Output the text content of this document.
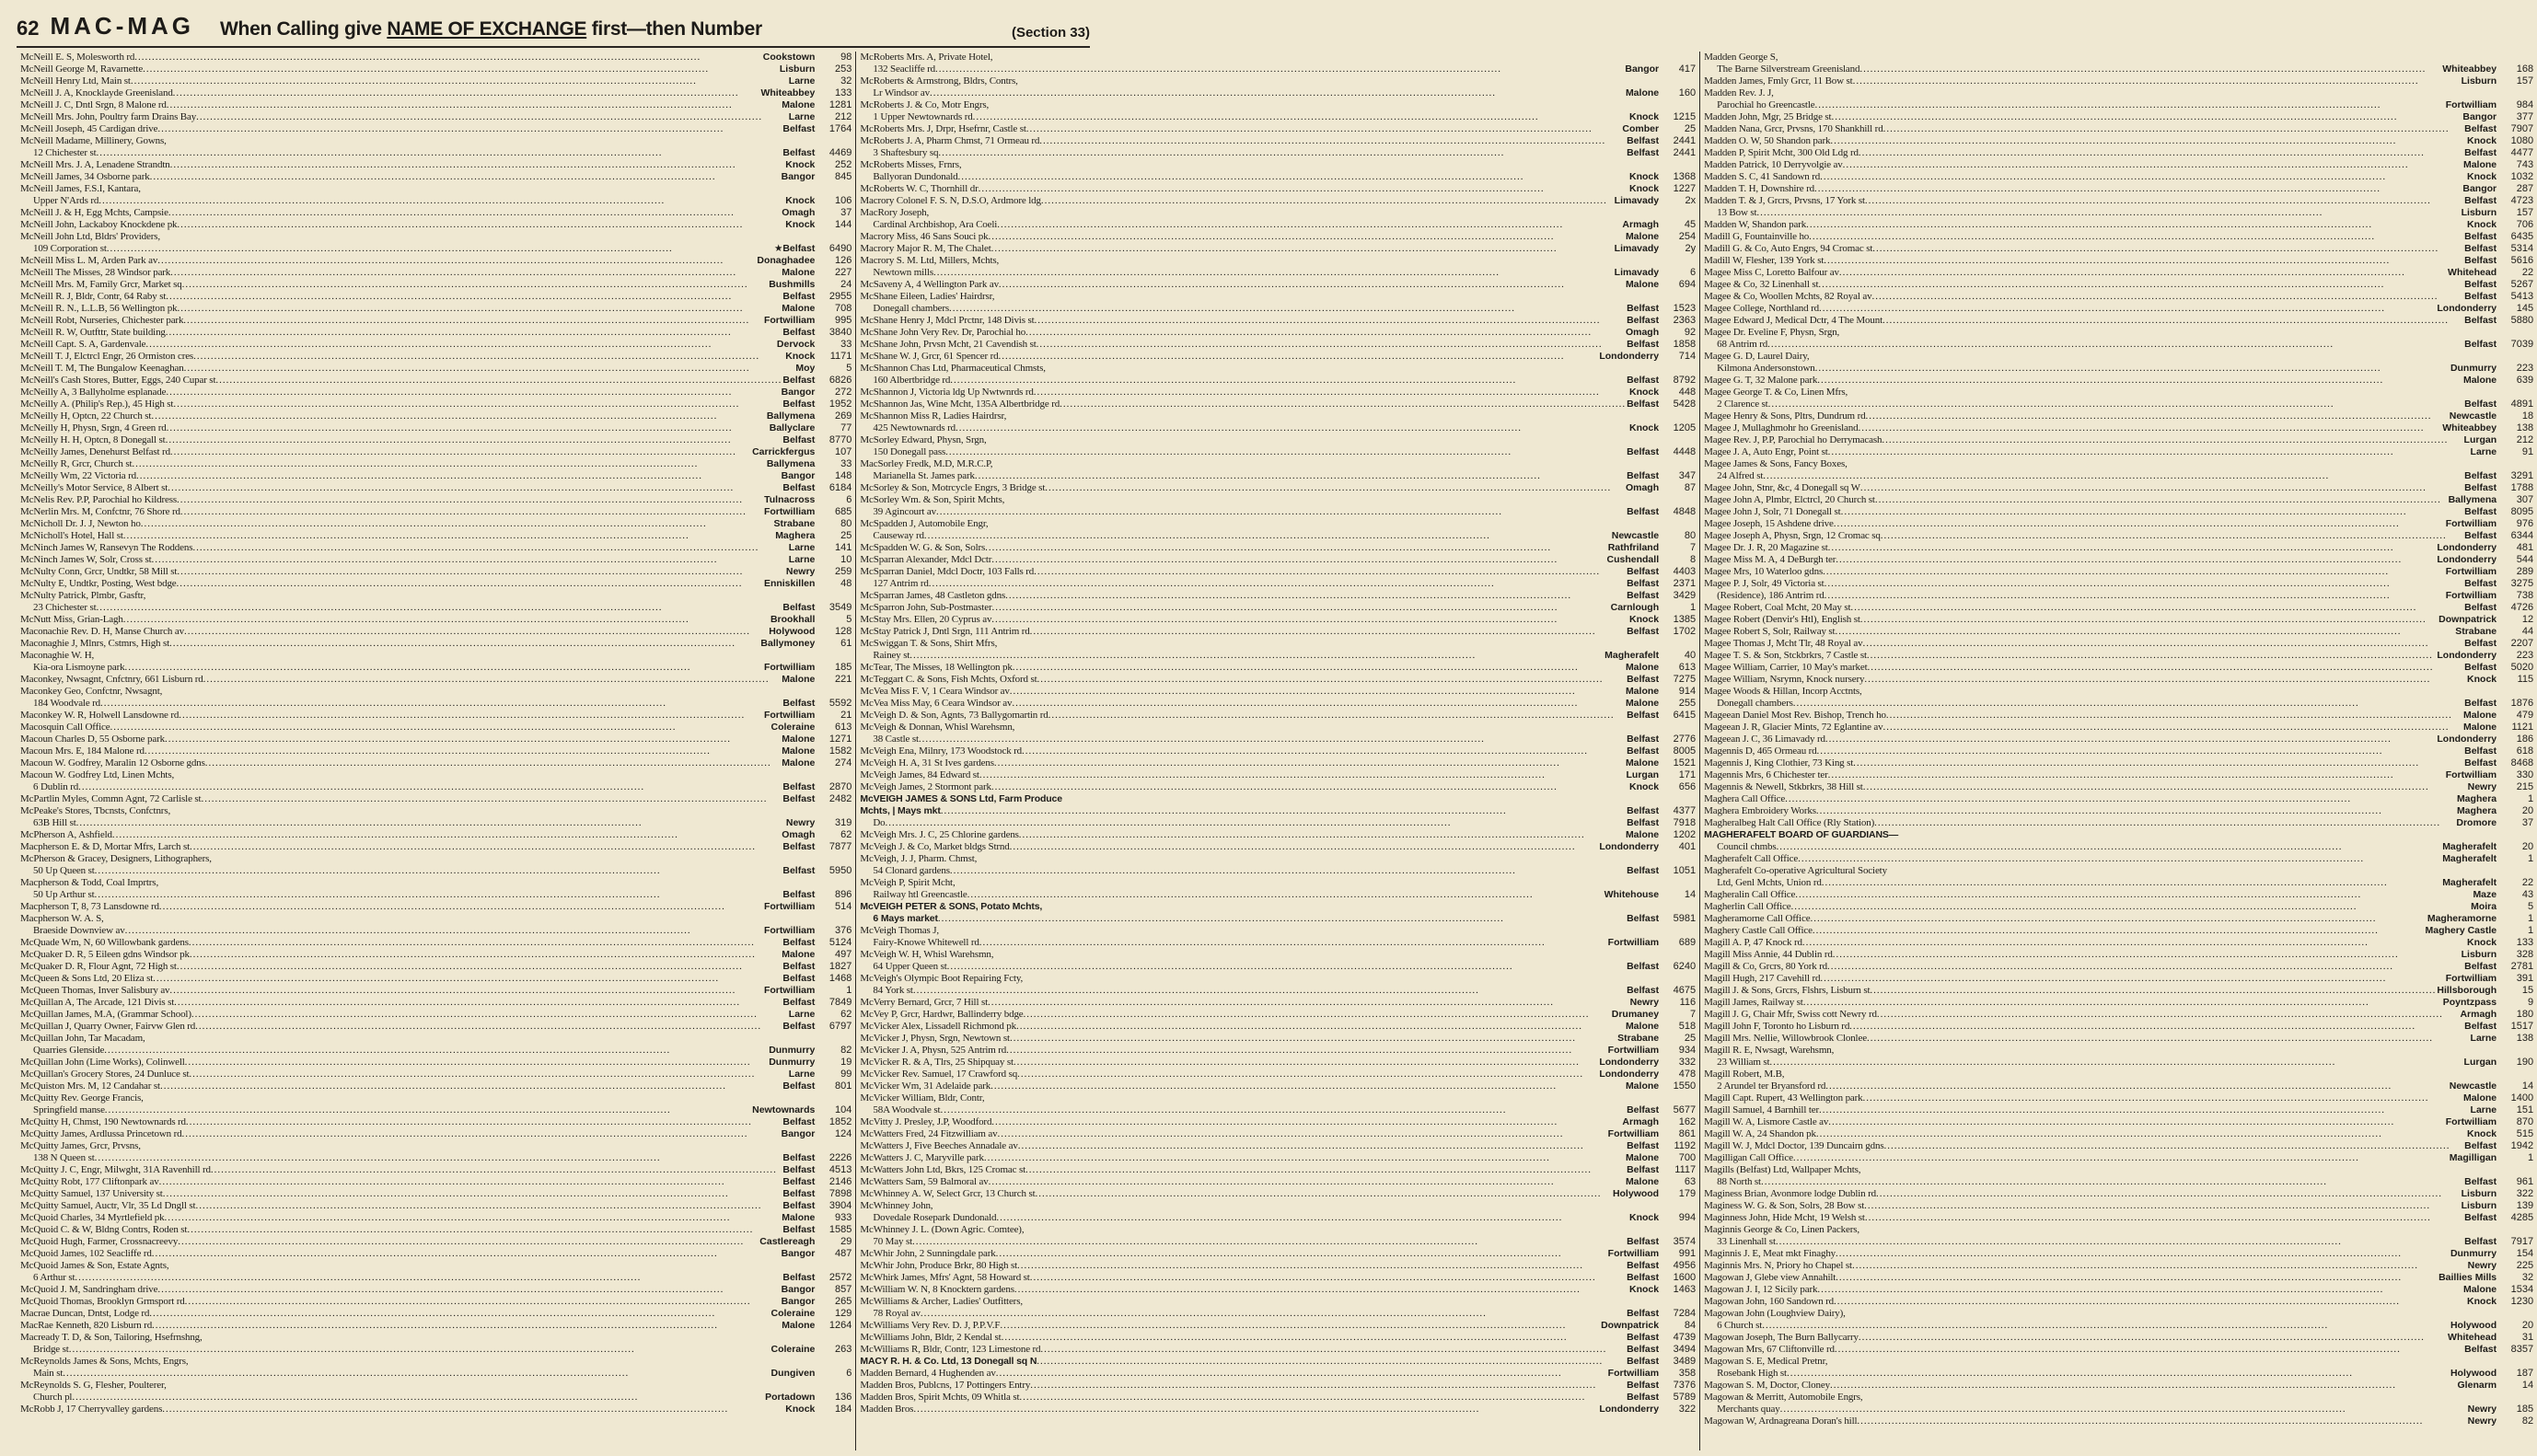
62 MAC-MAG When Calling give NAME OF EXCHANGE first—then Number	(Section 33)
McNeill E. S, Molesworth rd .....	Cookstown	98
McNeill George M, Ravarnette .....	Lisburn	253
McNeill Henry Ltd, Main st .....	Larne	32
McNeill J. A, Knocklayde Greenisland .....	Whiteabbey	133
McNeill J. C, Dntl Srgn, 8 Malone rd .....	Malone	1281
McNeill Mrs. John, Poultry farm Drains Bay .....	Larne	212
McNeill Joseph, 45 Cardigan drive .....	Belfast	1764
McNeill Madame, Millinery, Gowns,
12 Chichester st .....	Belfast	4469
McNeill Mrs. J. A, Lenadene Strandtn .....	Knock	252
McNeill James, 34 Osborne park .....	Bangor	845
McNeill James, F.S.I, Kantara,
Upper N'Ards rd .....	Knock	106
McNeill J. & H, Egg Mchts, Campsie .....	Omagh	37
McNeill John, Lackaboy Knockdene pk .....	Knock	144
McNeill John Ltd, Bldrs' Providers,
109 Corporation st .....	★Belfast	6490
McNeill Miss L. M, Arden Park av .....	Donaghadee	126
McNeill The Misses, 28 Windsor park .....	Malone	227
McNeill Mrs. M, Family Grcr, Market sq .....	Bushmills	24
McNeill R. J, Bldr, Contr, 64 Raby st .....	Belfast	2955
McNeill R. N., L.L.B, 56 Wellington pk .....	Malone	708
McNeill Robt, Nurseries, Chichester park .....	Fortwilliam	995
McNeill R. W, Outfttr, State building .....	Belfast	3840
McNeill Capt. S. A, Gardenvale .....	Dervock	33
McNeill T. J, Elctrcl Engr, 26 Ormiston cres .....	Knock	1171
McNeill T. M, The Bungalow Keenaghan .....	Moy	5
McNeill's Cash Stores, Butter, Eggs, 240 Cupar st .....	Belfast	6826
McNeilly A, 3 Ballyholme esplanade .....	Bangor	272
McNeilly A. (Philip's Rep.), 45 High st .....	Belfast	1952
McNeilly H, Optcn, 22 Church st .....	Ballymena	269
McNeilly H, Physn, Srgn, 4 Green rd .....	Ballyclare	77
McNeilly H. H, Optcn, 8 Donegall st .....	Belfast	8770
McNeilly James, Denehurst Belfast rd .....	Carrickfergus	107
McNeilly R, Grcr, Church st .....	Ballymena	33
McNeilly Wm, 22 Victoria rd .....	Bangor	148
McNeilly's Motor Service, 8 Albert st .....	Belfast	6184
McNelis Rev. P.P, Parochial ho Kildress .....	Tulnacross	6
McNerlin Mrs. M, Confctnr, 76 Shore rd .....	Fortwilliam	685
McNicholl Dr. J. J, Newton ho .....	Strabane	80
McNicholl's Hotel, Hall st .....	Maghera	25
McNinch James W, Ransevyn The Roddens .....	Larne	141
McNinch James W, Solr, Cross st .....	Larne	10
McNulty Conn, Grcr, Undtkr, 58 Mill st .....	Newry	259
McNulty E, Undtkr, Posting, West bdge .....	Enniskillen	48
McNulty Patrick, Plmbr, Gasftr,
23 Chichester st .....	Belfast	3549
McNutt Miss, Grian-Lagh .....	Brookhall	5
Maconachie Rev. D. H, Manse Church av .....	Holywood	128
Maconaghie J, Mlnrs, Cstmrs, High st .....	Ballymoney	61
Maconaghie W. H,
Kia-ora Lismoyne park .....	Fortwilliam	185
Maconkey, Nwsagnt, Cnfctnry, 661 Lisburn rd .....	Malone	221
Maconkey Geo, Confctnr, Nwsagnt,
184 Woodvale rd .....	Belfast	5592
Maconkey W. R, Holwell Lansdowne rd .....	Fortwilliam	21
Macosquin Call Office .....	Coleraine	613
Macoun Charles D, 55 Osborne park .....	Malone	1271
Macoun Mrs. E, 184 Malone rd .....	Malone	1582
Macoun W. Godfrey, Maralin 12 Osborne gdns .....	Malone	274
Macoun W. Godfrey Ltd, Linen Mchts,
6 Dublin rd .....	Belfast	2870
McPartlin Myles, Commn Agnt, 72 Carlisle st .....	Belfast	2482
McPeake's Stores, Tbcnsts, Confctnrs,
63B Hill st .....	Newry	319
McPherson A, Ashfield .....	Omagh	62
Macpherson E. & D, Mortar Mfrs, Larch st .....	Belfast	7877
McPherson & Gracey, Designers, Lithographers,
50 Up Queen st .....	Belfast	5950
Macpherson & Todd, Coal Imprtrs,
50 Up Arthur st .....	Belfast	896
Macpherson T, 8, 73 Lansdowne rd .....	Fortwilliam	514
Macpherson W. A. S,
Braeside Downview av .....	Fortwilliam	376
McQuade Wm, N, 60 Willowbank gardens .....	Belfast	5124
McQuaker D. R, 5 Eileen gdns Windsor pk .....	Malone	497
McQuaker D. R, Flour Agnt, 72 High st .....	Belfast	1827
McQueen & Sons Ltd, 20 Eliza st .....	Belfast	1468
McQueen Thomas, Inver Salisbury av .....	Fortwilliam	1
McQuillan A, The Arcade, 121 Divis st .....	Belfast	7849
McQuillan James, M.A, (Grammar School) .....	Larne	62
McQuillan J, Quarry Owner, Fairvw Glen rd .....	Belfast	6797
McQuillan John, Tar Macadam,
Quarries Glenside .....	Dunmurry	82
McQuillan John (Lime Works), Colinwell .....	Dunmurry	19
McQuillan's Grocery Stores, 24 Dunluce st .....	Larne	99
McQuiston Mrs. M, 12 Candahar st .....	Belfast	801
McQuitty Rev. George Francis,
Springfield manse .....	Newtownards	104
McQuitty H, Chmst, 190 Newtownards rd .....	Belfast	1852
McQuitty James, Ardlussa Princetown rd .....	Bangor	124
McQuitty James, Grcr, Prvsns,
138 N Queen st .....	Belfast	2226
McQuitty J. C, Engr, Milwght, 31A Ravenhill rd .....	Belfast	4513
McQuitty Robt, 177 Cliftonpark av .....	Belfast	2146
McQuitty Samuel, 137 University st .....	Belfast	7898
McQuitty Samuel, Auctr, Vlr, 35 Ld Dngll st .....	Belfast	3904
McQuoid Charles, 34 Myrtlefield pk .....	Malone	933
McQuoid C. & W, Bldng Contrs, Roden st .....	Belfast	1585
McQuoid Hugh, Farmer, Crossnacreevy .....	Castlereagh	29
McQuoid James, 102 Seacliffe rd .....	Bangor	487
McQuoid James & Son, Estate Agnts,
6 Arthur st .....	Belfast	2572
McQuoid J. M, Sandringham drive .....	Bangor	857
McQuoid Thomas, Brooklyn Grmsport rd .....	Bangor	265
Macrae Duncan, Dntst, Lodge rd .....	Coleraine	129
MacRae Kenneth, 820 Lisburn rd .....	Malone	1264
Macready T. D, & Son, Tailoring, Hsefrnshng,
Bridge st .....	Coleraine	263
McReynolds James & Sons, Mchts, Engrs,
Main st .....	Dungiven	6
McReynolds S. G, Flesher, Poulterer,
Church pl .....	Portadown	136
McRobb J, 17 Cherryvalley gardens .....	Knock	184
McRoberts Mrs. A, Private Hotel,
132 Seacliffe rd .....	Bangor	417
McRoberts & Armstrong, Bldrs, Contrs,
Lr Windsor av .....	Malone	160
McRoberts J. & Co, Motr Engrs,
1 Upper Newtownards rd .....	Knock	1215
McRoberts Mrs. J, Drpr, Hsefrnr, Castle st .....	Comber	25
McRoberts J. A, Pharm Chmst, 71 Ormeau rd .....	Belfast	2441
3 Shaftesbury sq .....	Belfast	2441
McRoberts Misses, Frnrs,
Ballyoran Dundonald .....	Knock	1368
McRoberts W. C, Thornhill dr .....	Knock	1227
Macrory Colonel F. S. N, D.S.O, Ardmore ldg .....	Limavady	2x
MacRory Joseph,
Cardinal Archbishop, Ara Coeli .....	Armagh	45
Macrory Miss, 46 Sans Souci pk .....	Malone	254
Macrory Major R. M, The Chalet .....	Limavady	2y
Macrory S. M. Ltd, Millers, Mchts,
Newtown mills .....	Limavady	6
McSaveny A, 4 Wellington Park av .....	Malone	694
McShane Eileen, Ladies' Hairdrsr,
Donegall chambers .....	Belfast	1523
McShane Henry J, Mdcl Prctnr, 148 Divis st .....	Belfast	2363
McShane John Very Rev. Dr, Parochial ho .....	Omagh	92
McShane John, Prvsn Mcht, 21 Cavendish st .....	Belfast	1858
McShane W. J, Grcr, 61 Spencer rd .....	Londonderry	714
McShannon Chas Ltd, Pharmaceutical Chmsts,
160 Albertbridge rd .....	Belfast	8792
McShannon J, Victoria ldg Up Nwtwnrds rd .....	Knock	448
McShannon Jas, Wine Mcht, 135A Albertbridge rd .....	Belfast	5428
McShannon Miss R, Ladies Hairdrsr,
425 Newtownards rd .....	Knock	1205
McSorley Edward, Physn, Srgn,
150 Donegall pass .....	Belfast	4448
MacSorley Fredk, M.D, M.R.C.P,
Marianella St. James park .....	Belfast	347
McSorley & Son, Motrcycle Engrs, 3 Bridge st .....	Omagh	87
McSorley Wm. & Son, Spirit Mchts,
39 Agincourt av .....	Belfast	4848
McSpadden J, Automobile Engr,
Causeway rd .....	Newcastle	80
McSpadden W. G. & Son, Solrs .....	Rathfriland	7
McSparran Alexander, Mdcl Dctr .....	Cushendall	8
McSparran Daniel, Mdcl Doctr, 103 Falls rd .....	Belfast	4403
127 Antrim rd .....	Belfast	2371
McSparran James, 48 Castleton gdns .....	Belfast	3429
McSparron John, Sub-Postmaster .....	Carnlough	1
McStay Mrs. Ellen, 20 Cyprus av .....	Knock	1385
McStay Patrick J, Dntl Srgn, 111 Antrim rd .....	Belfast	1702
McSwiggan T. & Sons, Shirt Mfrs,
Rainey st .....	Magherafelt	40
McTear, The Misses, 18 Wellington pk .....	Malone	613
McTeggart C. & Sons, Fish Mchts, Oxford st .....	Belfast	7275
McVea Miss F. V, 1 Ceara Windsor av .....	Malone	914
McVea Miss May, 6 Ceara Windsor av .....	Malone	255
McVeigh D. & Son, Agnts, 73 Ballygomartin rd .....	Belfast	6415
McVeigh & Donnan, Whisl Warehsmn,
38 Castle st .....	Belfast	2776
McVeigh Ena, Milnry, 173 Woodstock rd .....	Belfast	8005
McVeigh H. A, 31 St Ives gardens .....	Malone	1521
McVeigh James, 84 Edward st .....	Lurgan	171
McVeigh James, 2 Stormont park .....	Knock	656
McVEIGH JAMES & SONS Ltd, Farm Produce
Mchts, | Mays mkt .....	Belfast	4377
Do .....	Belfast	7918
McVeigh Mrs. J. C, 25 Chlorine gardens .....	Malone	1202
McVeigh J. & Co, Market bldgs Strnd .....	Londonderry	401
McVeigh, J. J, Pharm. Chmst,
54 Clonard gardens .....	Belfast	1051
McVeigh P, Spirit Mcht,
Railway htl Greencastle .....	Whitehouse	14
McVEIGH PETER & SONS, Potato Mchts,
6 Mays market .....	Belfast	5981
McVeigh Thomas J,
Fairy-Knowe Whitewell rd .....	Fortwilliam	689
McVeigh W. H, Whisl Warehsmn,
64 Upper Queen st .....	Belfast	6240
McVeigh's Olympic Boot Repairing Fcty,
84 York st .....	Belfast	4675
McVerry Bernard, Grcr, 7 Hill st .....	Newry	116
McVey P, Grcr, Hardwr, Ballinderry bdge .....	Drumaney	7
McVicker Alex, Lissadell Richmond pk .....	Malone	518
McVicker J, Physn, Srgn, Newtown st .....	Strabane	25
McVicker J. A, Physn, 525 Antrim rd .....	Fortwilliam	934
McVicker R. & A, Tlrs, 25 Shipquay st .....	Londonderry	332
McVicker Rev. Samuel, 17 Crawford sq .....	Londonderry	478
McVicker Wm, 31 Adelaide park .....	Malone	1550
McVicker William, Bldr, Contr,
58A Woodvale st .....	Belfast	5677
McVitty J. Presley, J.P, Woodford .....	Armagh	162
McWatters Fred, 24 Fitzwilliam av .....	Fortwilliam	861
McWatters J, Five Beeches Annadale av .....	Belfast	1192
McWatters J. C, Maryville park .....	Malone	700
McWatters John Ltd, Bkrs, 125 Cromac st .....	Belfast	1117
McWatters Sam, 59 Balmoral av .....	Malone	63
McWhinney A. W, Select Grcr, 13 Church st .....	Holywood	179
McWhinney John,
Dovedale Rosepark Dundonald .....	Knock	994
McWhinney J. L. (Down Agric. Comtee),
70 May st .....	Belfast	3574
McWhir John, 2 Sunningdale park .....	Fortwilliam	991
McWhir John, Produce Brkr, 80 High st .....	Belfast	4956
McWhirk James, Mfrs' Agnt, 58 Howard st .....	Belfast	1600
McWilliam W. N, 8 Knocktern gardens .....	Knock	1463
McWilliams & Archer, Ladies' Outfitters,
78 Royal av .....	Belfast	7284
McWilliams Very Rev. D. J, P.P.V.F .....	Downpatrick	84
McWilliams John, Bldr, 2 Kendal st .....	Belfast	4739
McWilliams R, Bldr, Contr, 123 Limestone rd .....	Belfast	3494
MACY R. H. & Co. Ltd, 13 Donegall sq N .....	Belfast	3489
Madden Bernard, 4 Hughenden av .....	Fortwilliam	358
Madden Bros, Publcns, 17 Pottingers Entry .....	Belfast	7376
Madden Bros, Spirit Mchts, 09 Whitla st .....	Belfast	5789
Madden Bros .....	Londonderry	322
Madden George S,
The Barne Silverstream Greenisland .....	Whiteabbey	168
Madden James, Fmly Grcr, 11 Bow st .....	Lisburn	157
Madden Rev. J. J,
Parochial ho Greencastle .....	Fortwilliam	984
Madden John, Mgr, 25 Bridge st .....	Bangor	377
Madden Nana, Grcr, Prvsns, 170 Shankhill rd .....	Belfast	7907
Madden O. W, 50 Shandon park .....	Knock	1080
Madden P, Spirit Mcht, 300 Old Ldg rd .....	Belfast	4477
Madden Patrick, 10 Derryvolgie av .....	Malone	743
Madden S. C, 41 Sandown rd .....	Knock	1032
Madden T. H, Downshire rd .....	Bangor	287
Madden T. & J, Grcrs, Prvsns, 17 York st .....	Belfast	4723
13 Bow st .....	Lisburn	157
Madden W, Shandon park .....	Knock	706
Madill G, Fountainville ho .....	Belfast	6435
Madill G. & Co, Auto Engrs, 94 Cromac st .....	Belfast	5314
Madill W, Flesher, 139 York st .....	Belfast	5616
Magee Miss C, Loretto Balfour av .....	Whitehead	22
Magee & Co, 32 Linenhall st .....	Belfast	5267
Magee & Co, Woollen Mchts, 82 Royal av .....	Belfast	5413
Magee College, Northland rd .....	Londonderry	145
Magee Edward J, Medical Dctr, 4 The Mount .....	Belfast	5880
Magee Dr. Eveline F, Physn, Srgn,
68 Antrim rd .....	Belfast	7039
Magee G. D, Laurel Dairy,
Kilmona Andersonstown .....	Dunmurry	223
Magee G. T, 32 Malone park .....	Malone	639
Magee George T. & Co, Linen Mfrs,
2 Clarence st .....	Belfast	4891
Magee Henry & Sons, Pltrs, Dundrum rd .....	Newcastle	18
Magee J, Mullaghmohr ho Greenisland .....	Whiteabbey	138
Magee Rev. J, P.P, Parochial ho Derrymacash .....	Lurgan	212
Magee J. A, Auto Engr, Point st .....	Larne	91
Magee James & Sons, Fancy Boxes,
24 Alfred st .....	Belfast	3291
Magee John, Stnr, &c, 4 Donegall sq W .....	Belfast	1788
Magee John A, Plmbr, Elctrcl, 20 Church st .....	Ballymena	307
Magee John J, Solr, 71 Donegall st .....	Belfast	8095
Magee Joseph, 15 Ashdene drive .....	Fortwilliam	976
Magee Joseph A, Physn, Srgn, 12 Cromac sq .....	Belfast	6344
Magee Dr. J. R, 20 Magazine st .....	Londonderry	481
Magee Miss M. A, 4 DeBurgh ter .....	Londonderry	544
Magee Mrs, 10 Waterloo gdns .....	Fortwilliam	289
Magee P. J, Solr, 49 Victoria st .....	Belfast	3275
(Residence), 186 Antrim rd .....	Fortwilliam	738
Magee Robert, Coal Mcht, 20 May st .....	Belfast	4726
Magee Robert (Denvir's Htl), English st .....	Downpatrick	12
Magee Robert S, Solr, Railway st .....	Strabane	44
Magee Thomas J, Mcht Tlr, 48 Royal av .....	Belfast	2207
Magee T. S. & Son, Stckbrkrs, 7 Castle st .....	Londonderry	223
Magee William, Carrier, 10 May's market .....	Belfast	5020
Magee William, Nsrymn, Knock nursery .....	Knock	115
Magee Woods & Hillan, Incorp Acctnts,
Donegall chambers .....	Belfast	1876
Mageean Daniel Most Rev. Bishop, Trench ho .....	Malone	479
Mageean J. R, Glacier Mints, 72 Eglantine av .....	Malone	1121
Mageean J. C, 36 Limavady rd .....	Londonderry	186
Magennis D, 465 Ormeau rd .....	Belfast	618
Magennis J, King Clothier, 73 King st .....	Belfast	8468
Magennis Mrs, 6 Chichester ter .....	Fortwilliam	330
Magennis & Newell, Stkbrkrs, 38 Hill st .....	Newry	215
Maghera Call Office .....	Maghera	1
Maghera Embroidery Works .....	Maghera	20
Magheralbeg Halt Call Office (Rly Station) .....	Dromore	37
MAGHERAFELT BOARD OF GUARDIANS—
Council chmbs .....	Magherafelt	20
Magherafelt Call Office .....	Magherafelt	1
Magherafelt Co-operative Agricultural Society
Ltd, Genl Mchts, Union rd .....	Magherafelt	22
Magheralin Call Office .....	Maze	43
Magherlin Call Office .....	Moira	5
Magheramorne Call Office .....	Magheramorne	1
Maghery Castle Call Office .....	Maghery Castle	1
Magill A. P, 47 Knock rd .....	Knock	133
Magill Miss Annie, 44 Dublin rd .....	Lisburn	328
Magill & Co, Grcrs, 80 York rd .....	Belfast	2781
Magill Hugh, 217 Cavehill rd .....	Fortwilliam	391
Magill J. & Sons, Grcrs, Flshrs, Lisburn st .....	Hillsborough	15
Magill James, Railway st .....	Poyntzpass	9
Magill J. G, Chair Mfr, Swiss cott Newry rd .....	Armagh	180
Magill John F, Toronto ho Lisburn rd .....	Belfast	1517
Magill Mrs. Nellie, Willowbrook Clonlee .....	Larne	138
Magill R. E, Nwsagt, Warehsmn,
23 William st .....	Lurgan	190
Magill Robert, M.B,
2 Arundel ter Bryansford rd .....	Newcastle	14
Magill Capt. Rupert, 43 Wellington park .....	Malone	1400
Magill Samuel, 4 Barnhill ter .....	Larne	151
Magill W. A, Lismore Castle av .....	Fortwilliam	870
Magill W. A, 24 Shandon pk .....	Knock	515
Magill W. J, Mdcl Doctor, 139 Duncairn gdns .....	Belfast	1942
Magilligan Call Office .....	Magilligan	1
Magills (Belfast) Ltd, Wallpaper Mchts,
88 North st .....	Belfast	961
Maginess Brian, Avonmore lodge Dublin rd .....	Lisburn	322
Maginess W. G. & Son, Solrs, 28 Bow st .....	Lisburn	139
Maginness John, Hide Mcht, 19 Welsh st .....	Belfast	4285
Maginnis George & Co, Linen Packers,
33 Linenhall st .....	Belfast	7917
Maginnis J. E, Meat mkt Finaghy .....	Dunmurry	154
Maginnis Mrs. N, Priory ho Chapel st .....	Newry	225
Magowan J, Glebe view Annahilt .....	Baillies Mills	32
Magowan J. I, 12 Sicily park .....	Malone	1534
Magowan John, 160 Sandown rd .....	Knock	1230
Magowan John (Loughview Dairy),
6 Church st .....	Holywood	20
Magowan Joseph, The Burn Ballycarry .....	Whitehead	31
Magowan Mrs, 67 Cliftonville rd .....	Belfast	8357
Magowan S. E, Medical Pretnr,
Rosebank High st .....	Holywood	187
Magowan S. M, Doctor, Cloney .....	Glenarm	14
Magowan & Merritt, Automobile Engrs,
Merchants quay .....	Newry	185
Magowan W, Ardnagreana Doran's hill .....	Newry	82
